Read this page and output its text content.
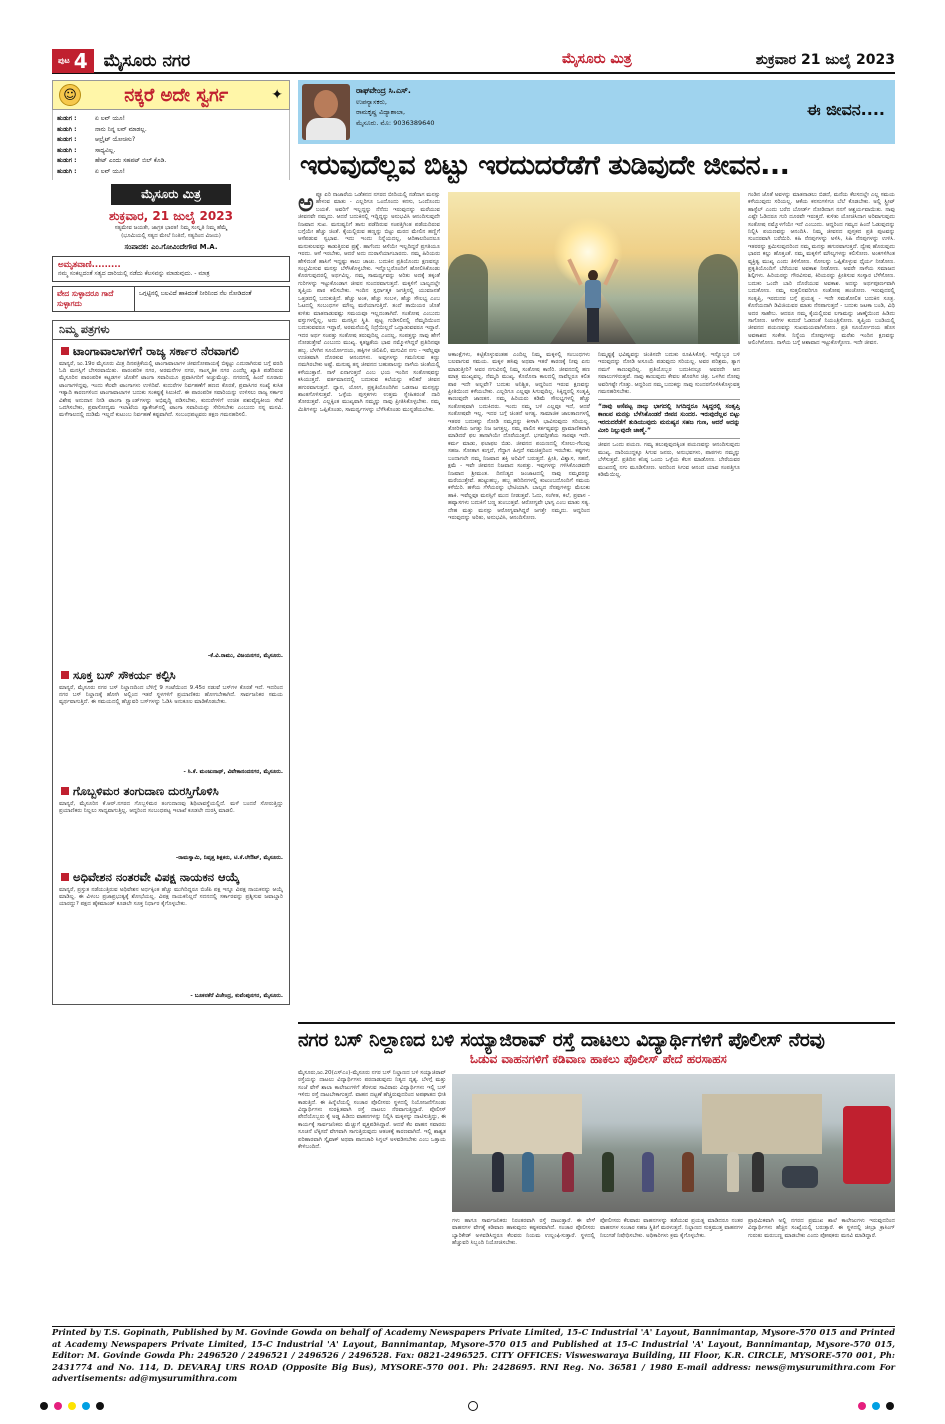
ಪುಟ 4 ಮೈಸೂರು ನಗರ	ಮೈಸೂರು ಮಿತ್ರ	ಶುಕ್ರವಾರ 21 ಜುಲೈ 2023
☺	ನಕ್ಕರೆ ಅದೇ ಸ್ವರ್ಗ	✦
ಹುಡುಗ :	ಏ ಲವ್ ಯೂ!
ಹುಡುಗಿ :	ನಾನು ನಿನ್ನ ಲವ್ ಮಾಡಲ್ಲ.
ಹುಡುಗ :	ಆಲ್ರೈಟ್ ಯೋಚಿಸು?
ಹುಡುಗಿ :	ಸಾಧ್ಯವಿಲ್ಲ.
ಹುಡುಗ :	ಹೇಟ್ ಎಂದು ಸಹಪಟ್ ಬಿಲ್ ಕೊಡಿ.
ಹುಡುಗಿ :	ಏ ಲವ್ ಯೂ!
ಮೈಸೂರು ಮಿತ್ರ
ಶುಕ್ರವಾರ, 21 ಜುಲೈ 2023
ಸತ್ಯಮೇವ ಜಯತೇ, ಜಾಗ್ರತ ಭಾರತ! ನಿಮ್ಮ ಸಂಸ್ಕೃತಿ ನಿಮ್ಮ ಹೆಮ್ಮೆ
(ಭೂಮಿಯಲ್ಲಿ ಸತ್ಯದ ಮೇಲೆ ನಿಂತಿದೆ, ಸತ್ಯದಿಂದ ವಿಜಯ)
ಸಂಪಾದಕ: ಎಂ.ಗೋವಿಂದೇಗೌಡ M.A.
ಅಮೃತವಾಣಿ.........
ನಮ್ಮ ಸಂಕಲ್ಪದಂತೆ ಸತ್ಯದ ದಾರಿಯಲ್ಲಿ ನಡೆದು ಕೆಲಸವನ್ನು ಮಾಡುವುದು. - ಮಾತ್ರ
ವೇದ ಸುಳ್ಳಾದರೂ ಗಾದೆ ಸುಳ್ಳಾಗದು
ಒಗ್ಗಟ್ಟಿನಲ್ಲಿ ಬಲವಿದೆ ಹಾಕಿದಂತೆ ನೀರಿನಿಂದ ನೆಲ ನೋಡಿದಂತೆ
ನಿಮ್ಮ ಪತ್ರಗಳು
ಟಾಂಗಾವಾಲಾಗಳಿಗೆ ರಾಜ್ಯ ಸರ್ಕಾರ ನೆರವಾಗಲಿ
ಮಾನ್ಯರೆ, ಜು.19ರ ಮೈಸೂರು ಮಿತ್ರ ದಿನಪತ್ರಿಕೆಯಲ್ಲಿ ಟಾಂಗಾವಾಲಾಗಳ ಜೀವನೋಪಾಯಕ್ಕೆ ಬಿಕ್ಕಟ್ಟು ಎದುರಾಗಿರುವ ಬಗ್ಗೆ ವರದಿ ಓದಿ ಮನಸ್ಸಿಗೆ ಬೇಸರವಾಯಿತು. ಪಾರಂಪರಿಕ ನಗರ, ಅರಮನೆಗಳ ನಗರ, ಸಾಂಸ್ಕೃತಿಕ ನಗರ ಎಂದೆಲ್ಲ ಖ್ಯಾತಿ ಪಡೆದಿರುವ ಮೈಸೂರಿನ ಪಾರಂಪರಿಕ ಕಟ್ಟಡಗಳ ಜೊತೆಗೆ ಟಾಂಗಾ ಸವಾರಿಯೂ ಪ್ರವಾಸಿಗರಿಗೆ ಅಚ್ಚುಮೆಚ್ಚು. ನಗರದಲ್ಲಿ ಹಿಂದೆ ನೂರಾರು ಟಾಂಗಾಗಳಿದ್ದವು, ಇಂದು ಕೆಲವೇ ಟಾಂಗಾಗಳು ಉಳಿದಿವೆ. ಕುದುರೆಗಳ ನಿರ್ವಹಣೆಗೆ ಹಣದ ಕೊರತೆ, ಪ್ರವಾಸಿಗರ ಸಂಖ್ಯೆ ಕುಸಿತ ಇತ್ಯಾದಿ ಕಾರಣಗಳಿಂದ ಟಾಂಗಾವಾಲಾಗಳ ಬದುಕು ಸಂಕಷ್ಟಕ್ಕೆ ಸಿಲುಕಿದೆ. ಈ ಪಾರಂಪರಿಕ ಸವಾರಿಯನ್ನು ಉಳಿಸಲು ರಾಜ್ಯ ಸರ್ಕಾರ ವಿಶೇಷ ಅನುದಾನ ನೀಡಿ ಟಾಂಗಾ ಸ್ಟ್ಯಾಂಡ್‌ಗಳನ್ನು ಅಭಿವೃದ್ಧಿ ಪಡಿಸಬೇಕು, ಕುದುರೆಗಳಿಗೆ ಉಚಿತ ಪಶುವೈದ್ಯಕೀಯ ಸೇವೆ ಒದಗಿಸಬೇಕು, ಪ್ರವಾಸೋದ್ಯಮ ಇಲಾಖೆಯ ಪ್ಯಾಕೇಜ್‌ನಲ್ಲಿ ಟಾಂಗಾ ಸವಾರಿಯನ್ನು ಸೇರಿಸಬೇಕು ಎಂಬುದು ನನ್ನ ಮನವಿ. ಮಳೆಗಾಲದಲ್ಲಿ ದುಡಿಮೆ ಇಲ್ಲದೆ ಕುಟುಂಬ ನಿರ್ವಹಣೆ ಕಷ್ಟವಾಗಿದೆ. ಸಂಬಂಧಪಟ್ಟವರು ತಕ್ಷಣ ಗಮನಹರಿಸಲಿ.
-ಕೆ.ವಿ.ರಾಮು, ವಿಜಯನಗರ, ಮೈಸೂರು.
ಸೂಕ್ತ ಬಸ್ ಸೌಕರ್ಯ ಕಲ್ಪಿಸಿ
ಮಾನ್ಯರೆ, ಮೈಸೂರು ನಗರ ಬಸ್ ನಿಲ್ದಾಣದಿಂದ ಬೆಳಿಗ್ಗೆ 9 ಗಂಟೆಯಿಂದ 9.45ರ ನಡುವೆ ಬಸ್‌ಗಳ ಕೊರತೆ ಇದೆ. ಇದರಿಂದ ನಗರ ಬಸ್ ನಿಲ್ದಾಣಕ್ಕೆ ಹೋಗಿ ಅಲ್ಲಿಂದ ಇತರೆ ಸ್ಥಳಗಳಿಗೆ ಪ್ರಯಾಣಿಕರು ಹೋಗಬೇಕಾಗಿದೆ. ಸಾರ್ವಜನಿಕರ ಸಮಯ ವ್ಯರ್ಥವಾಗುತ್ತಿದೆ. ಈ ಸಮಯದಲ್ಲಿ ಹೆಚ್ಚುವರಿ ಬಸ್‌ಗಳನ್ನು ಓಡಿಸಿ ಅನುಕೂಲ ಮಾಡಿಕೊಡಬೇಕು.
- ಸಿ.ಕೆ. ಮಂಜುನಾಥ್, ವಿವೇಕಾನಂದನಗರ, ಮೈಸೂರು.
ಗೊಬ್ಬಳಿಮರ ತಂಗುದಾಣ ದುರಸ್ತಿಗೊಳಿಸಿ
ಮಾನ್ಯರೆ, ಮೈಸೂರಿನ ಕೆ.ಆರ್.ನಗರದ ಗೊಬ್ಬಳಿಮರ ತಂಗುದಾಣವು ಶಿಥಿಲಾವಸ್ಥೆಯಲ್ಲಿದೆ. ಮಳೆ ಬಂದರೆ ಸೋರುತ್ತಿದ್ದು ಪ್ರಯಾಣಿಕರು ನಿಲ್ಲಲು ಸಾಧ್ಯವಾಗುತ್ತಿಲ್ಲ. ಆದ್ದರಿಂದ ಸಂಬಂಧಪಟ್ಟ ಇಲಾಖೆ ಕೂಡಲೇ ದುರಸ್ತಿ ಮಾಡಲಿ.
-ರಾಮಸ್ವಾಮಿ, ನಿವೃತ್ತ ಶಿಕ್ಷಕರು, ಟಿ.ಕೆ.ಲೇಔಟ್, ಮೈಸೂರು.
ಅಧಿವೇಶನ ನಂತರವೇ ವಿಪಕ್ಷ ನಾಯಕನ ಆಯ್ಕೆ
ಮಾನ್ಯರೆ, ಪ್ರಸ್ತುತ ನಡೆಯುತ್ತಿರುವ ಅಧಿವೇಶನ ಅರ್ಧಕ್ಕಿಂತ ಹೆಚ್ಚು ಮುಗಿದಿದ್ದರೂ ಬಿಜೆಪಿ ಪಕ್ಷ ಇನ್ನೂ ವಿಪಕ್ಷ ನಾಯಕನನ್ನು ಆಯ್ಕೆ ಮಾಡಿಲ್ಲ. ಈ ವಿಳಂಬ ಪ್ರಜಾಪ್ರಭುತ್ವಕ್ಕೆ ಶೋಭೆಯಲ್ಲ. ವಿಪಕ್ಷ ನಾಯಕನಿಲ್ಲದೆ ಸದನದಲ್ಲಿ ಸರ್ಕಾರವನ್ನು ಪ್ರಶ್ನಿಸುವ ಜವಾಬ್ದಾರಿ ಯಾರದ್ದು? ಪಕ್ಷದ ಹೈಕಮಾಂಡ್ ಕೂಡಲೇ ಸೂಕ್ತ ನಿರ್ಧಾರ ಕೈಗೊಳ್ಳಬೇಕು.
- ಬೂಕನಕೆರೆ ವಿಜೇಂದ್ರ, ಕುವೆಂಪುನಗರ, ಮೈಸೂರು.
ರಾಘವೇಂದ್ರ ಸಿ.ಎಸ್.
ಉಪನ್ಯಾಸಕರು,
ರಾಮಕೃಷ್ಣ ವಿದ್ಯಾಶಾಲಾ,
ಮೈಸೂರು. ಮೊ: 9036389640
ಈ ಜೀವನ....
ಇರುವುದೆಲ್ಲವ ಬಿಟ್ಟು ಇರದುದರೆಡೆಗೆ ತುಡಿವುದೇ ಜೀವನ...
ಅಪ್ಯೂ ಏರಿ ನಾಜಾರೆಯ ಒಡೆತನದ ನಗರದ ಬೀದಿಯಲ್ಲಿ ನಡೆದಾಗ ಮನಸ್ಸು ಹೇಳುವ ಮಾತು - ಎಲ್ಲರಿಗೂ ಒಂದೊಂದು ಕನಸು, ಒಂದೊಂದು ಬಯಕೆ. ಅವರಿಗೆ ಇಲ್ಲದ್ದನ್ನು ನೆನೆದು ಇರುವುದನ್ನು ಮರೆಯುವ ಜೀವನವೇ ನಮ್ಮದು. ಆದರೆ ಬದುಕಿನಲ್ಲಿ ಇದ್ದಿದ್ದನ್ನು ಅನುಭವಿಸಿ ಆನಂದಿಸುವುದೇ ನಿಜವಾದ ಸುಖ. ಮನುಷ್ಯನಿಗೆ ತಾನು ಪಡೆದಿರುವ ಸಂಪತ್ತಿಗಿಂತ ಪಡೆಯದಿರುವ ಬಗ್ಗೆಯೇ ಹೆಚ್ಚು ಚಿಂತೆ. ಕೈಯಲ್ಲಿರುವ ಹಣ್ಣನ್ನು ಬಿಟ್ಟು ಮರದ ಮೇಲಿನ ಹಣ್ಣಿಗೆ ಆಸೆಪಡುವ ಸ್ವಭಾವ. ಇದು ಇಂದು ನಿನ್ನೆಯದಲ್ಲ, ಆದಿಕಾಲದಿಂದಲೂ ಮನುಕುಲವನ್ನು ಕಾಡುತ್ತಿರುವ ಪ್ರಶ್ನೆ. ಹಾಗೆಂದು ಆಸೆಯೇ ಇಲ್ಲದಿದ್ದರೆ ಪ್ರಗತಿಯೂ ಇರದು. ಆಸೆ ಇರಬೇಕು, ಆದರೆ ಅದು ದುರಾಸೆಯಾಗಬಾರದು. ನಮ್ಮ ಹಿರಿಯರು ಹೇಳಿದಂತೆ ಹಾಸಿಗೆ ಇದ್ದಷ್ಟು ಕಾಲು ಚಾಚು. ಬದುಕಿನ ಪ್ರತಿಯೊಂದು ಕ್ಷಣವನ್ನೂ ಸಂಭ್ರಮಿಸುವ ಮನಸ್ಸು ಬೆಳೆಸಿಕೊಳ್ಳಬೇಕು. ಇನ್ನೊಬ್ಬರೊಂದಿಗೆ ಹೋಲಿಸಿಕೊಂಡು ಕೊರಗುವುದರಲ್ಲಿ ಅರ್ಥವಿಲ್ಲ. ನಮ್ಮ ಸಾಮರ್ಥ್ಯವನ್ನು ಅರಿತು ಅದಕ್ಕೆ ತಕ್ಕಂತೆ ಗುರಿಗಳನ್ನು ಇಟ್ಟುಕೊಂಡಾಗ ಜೀವನ ಸುಂದರವಾಗುತ್ತದೆ. ಮಕ್ಕಳಿಗೆ ಬಾಲ್ಯದಲ್ಲೇ ತೃಪ್ತಿಯ ಪಾಠ ಕಲಿಸಬೇಕು. ಇಂದಿನ ಸ್ಪರ್ಧಾತ್ಮಕ ಜಗತ್ತಿನಲ್ಲಿ ಯುವಜನತೆ ಒತ್ತಡದಲ್ಲಿ ಬದುಕುತ್ತಿದೆ. ಹೆಚ್ಚು ಅಂಕ, ಹೆಚ್ಚು ಸಂಬಳ, ಹೆಚ್ಚು ಸೌಲಭ್ಯ ಎಂಬ ಓಟದಲ್ಲಿ ಸಂಬಂಧಗಳ ಮೌಲ್ಯ ಮರೆಯಾಗುತ್ತಿದೆ. ತಂದೆ ತಾಯಿಯರ ಜೊತೆ ಕುಳಿತು ಮಾತನಾಡುವಷ್ಟು ಸಮಯವೂ ಇಲ್ಲದಂತಾಗಿದೆ. ಸಂತೋಷ ಎಂಬುದು ವಸ್ತುಗಳಲ್ಲಿಲ್ಲ, ಅದು ಮನಸ್ಸಿನ ಸ್ಥಿತಿ. ಪುಟ್ಟ ಗುಡಿಸಲಿನಲ್ಲಿ ನೆಮ್ಮದಿಯಿಂದ ಬದುಕುವವರೂ ಇದ್ದಾರೆ, ಅರಮನೆಯಲ್ಲಿ ನಿದ್ರೆಯಿಲ್ಲದೆ ಒದ್ದಾಡುವವರೂ ಇದ್ದಾರೆ. ಇದರ ಅರ್ಥ ಸಂಪತ್ತು ಸಂತೋಷ ತರುವುದಿಲ್ಲ ಎಂದಲ್ಲ, ಸಂಪತ್ತನ್ನು ನಾವು ಹೇಗೆ ನೋಡುತ್ತೇವೆ ಎಂಬುದು ಮುಖ್ಯ. ಕೃತಜ್ಞತೆಯ ಭಾವ ನಮ್ಮೊಳಗಿದ್ದರೆ ಪ್ರತಿದಿನವೂ ಹಬ್ಬ. ಬೆಳಗಿನ ಸೂರ್ಯೋದಯ, ಹಕ್ಕಿಗಳ ಚಿಲಿಪಿಲಿ, ಮಗುವಿನ ನಗು - ಇವೆಲ್ಲವೂ ಉಚಿತವಾಗಿ ದೊರಕುವ ಆನಂದಗಳು. ಅವುಗಳನ್ನು ಗಮನಿಸುವ ಕಣ್ಣು ನಮಗಿರಬೇಕು ಅಷ್ಟೆ. ಮನುಷ್ಯ ತನ್ನ ಜೀವನದ ಬಹುಪಾಲನ್ನು ನಾಳೆಯ ಚಿಂತೆಯಲ್ಲಿ ಕಳೆಯುತ್ತಾನೆ. ನಾಳೆ ಏನಾಗುತ್ತದೆ ಎಂಬ ಭಯ ಇಂದಿನ ಸಂತೋಷವನ್ನು ಕಸಿಯುತ್ತದೆ. ವರ್ತಮಾನದಲ್ಲಿ ಬದುಕುವ ಕಲೆಯನ್ನು ಕಲಿತರೆ ಜೀವನ ಹಗುರವಾಗುತ್ತದೆ. ಧ್ಯಾನ, ಯೋಗ, ಪ್ರಕೃತಿಯೊಂದಿಗಿನ ಒಡನಾಟ ಮನಸ್ಸನ್ನು ಶಾಂತಗೊಳಿಸುತ್ತವೆ. ಒಳ್ಳೆಯ ಪುಸ್ತಕಗಳು ಉತ್ತಮ ಸ್ನೇಹಿತರಂತೆ ದಾರಿ ತೋರುತ್ತವೆ. ಎಲ್ಲಕ್ಕಿಂತ ಮುಖ್ಯವಾಗಿ ನಮ್ಮನ್ನು ನಾವು ಪ್ರೀತಿಸಿಕೊಳ್ಳಬೇಕು. ನಮ್ಮ ಮಿತಿಗಳನ್ನು ಒಪ್ಪಿಕೊಂಡು, ಸಾಮರ್ಥ್ಯಗಳನ್ನು ಬೆಳೆಸಿಕೊಂಡು ಮುನ್ನಡೆಯಬೇಕು.
ಆಕಾಂಕ್ಷೆಗಳು, ಕಟ್ಟಿಕೊಳ್ಳುವಂತಹ ಎಂದಿಲ್ಲ ನಿಮ್ಮ ಮಕ್ಕಳಲ್ಲಿ ಸಂಬಂಧಗಳು ಬಲವಾಗುವ ಸಮಯ. ಮಕ್ಕಳ ಹಸಿವು ಅಥವಾ ಇತರೆ ಕಾರಣಕ್ಕೆ ನೀವು ಏನು ಮಾಡುತ್ತೀರಿ? ಅವರ ನಗುವಿನಲ್ಲಿ ನಿಮ್ಮ ಸಂತೋಷ ಕಾಣಿರಿ. ಜೀವನದಲ್ಲಿ ಹಣ ಮಾತ್ರ ಮುಖ್ಯವಲ್ಲ, ನೆಮ್ಮದಿ ಮುಖ್ಯ. ಕೊರೊನಾ ಕಾಲದಲ್ಲಿ ನಾವೆಲ್ಲರೂ ಕಲಿತ ಪಾಠ ಇದೇ ಅಲ್ಲವೇ? ಬದುಕು ಅನಿಶ್ಚಿತ, ಆದ್ದರಿಂದ ಇರುವ ಕ್ಷಣವನ್ನು ಪ್ರೀತಿಯಿಂದ ಕಳೆಯಬೇಕು. ಎಲ್ಲರಿಗೂ ಎಲ್ಲವೂ ಸಿಗುವುದಿಲ್ಲ. ಸಿಕ್ಕಿದ್ದರಲ್ಲಿ ಸಂತೃಪ್ತಿ ಕಾಣುವುದೇ ಜಾಣತನ. ನಮ್ಮ ಹಿರಿಯರು ಕಡಿಮೆ ಸೌಲಭ್ಯಗಳಲ್ಲಿ ಹೆಚ್ಚು ಸಂತೋಷವಾಗಿ ಬದುಕಿದರು. ಇಂದು ನಮ್ಮ ಬಳಿ ಎಲ್ಲವೂ ಇದೆ, ಆದರೆ ಸಂತೋಷವೇ ಇಲ್ಲ. ಇದರ ಬಗ್ಗೆ ಚಿಂತನೆ ಅಗತ್ಯ. ಸಾಮಾಜಿಕ ಜಾಲತಾಣಗಳಲ್ಲಿ ಇತರರ ಬದುಕನ್ನು ನೋಡಿ ನಮ್ಮದನ್ನು ಕೀಳಾಗಿ ಭಾವಿಸುವುದು ಸರಿಯಲ್ಲ. ತೋರಿಕೆಯ ಜಗತ್ತು ನಿಜ ಜಗತ್ತಲ್ಲ. ನಮ್ಮ ಪಾಲಿನ ಕರ್ತವ್ಯವನ್ನು ಪ್ರಾಮಾಣಿಕವಾಗಿ ಮಾಡಿದರೆ ಫಲ ತಾನಾಗಿಯೇ ದೊರೆಯುತ್ತದೆ. ಭಗವದ್ಗೀತೆಯ ಸಾರವೂ ಇದೇ. ಕರ್ಮ ಮಾಡು, ಫಲಾಫಲ ಬಿಡು. ಜೀವನದ ಪಯಣದಲ್ಲಿ ಸೋಲು-ಗೆಲುವು ಸಹಜ. ಸೋತಾಗ ಕುಗ್ಗದೆ, ಗೆದ್ದಾಗ ಹಿಗ್ಗದೆ ಸಮಚಿತ್ತದಿಂದ ಇರಬೇಕು. ಕಷ್ಟಗಳು ಬಂದಾಗಲೇ ನಮ್ಮ ನಿಜವಾದ ಶಕ್ತಿ ಅರಿವಿಗೆ ಬರುತ್ತದೆ. ಪ್ರೀತಿ, ವಿಶ್ವಾಸ, ಸಹನೆ, ಕ್ಷಮೆ - ಇವೇ ಜೀವನದ ನಿಜವಾದ ಸಂಪತ್ತು. ಇವುಗಳನ್ನು ಗಳಿಸಿಕೊಂಡವನೇ ನಿಜವಾದ ಶ್ರೀಮಂತ. ದಿನನಿತ್ಯದ ಜಂಜಾಟದಲ್ಲಿ ನಾವು ನಮ್ಮವರನ್ನು ಮರೆಯುತ್ತೇವೆ. ಹುಟ್ಟುಹಬ್ಬ, ಹಬ್ಬ ಹರಿದಿನಗಳಲ್ಲಿ ಕುಟುಂಬದೊಂದಿಗೆ ಸಮಯ ಕಳೆಯಿರಿ. ಹಳೆಯ ಗೆಳೆಯರನ್ನು ಭೇಟಿಯಾಗಿ. ಬಾಲ್ಯದ ನೆನಪುಗಳನ್ನು ಮೆಲುಕು ಹಾಕಿ. ಇವೆಲ್ಲವೂ ಮನಸ್ಸಿಗೆ ಮುದ ನೀಡುತ್ತವೆ. ಓದು, ಸಂಗೀತ, ಕಲೆ, ಪ್ರವಾಸ - ಹವ್ಯಾಸಗಳು ಬದುಕಿಗೆ ಬಣ್ಣ ತುಂಬುತ್ತವೆ. ಆರೋಗ್ಯವೇ ಭಾಗ್ಯ ಎಂಬ ಮಾತು ಸತ್ಯ. ದೇಹ ಮತ್ತು ಮನಸ್ಸು ಆರೋಗ್ಯವಾಗಿದ್ದರೆ ಜಗತ್ತೇ ನಮ್ಮದು. ಆದ್ದರಿಂದ ಇರುವುದನ್ನು ಅರಿತು, ಅನುಭವಿಸಿ, ಆನಂದಿಸೋಣ.
ನಿಮ್ಮಷ್ಟಕ್ಕೆ ಭವಿಷ್ಯವನ್ನು ಚಿಂತಿಸದೇ ಬದುಕು ರೂಪಿಸಿಕೊಳ್ಳಿ. ಇನ್ನೊಬ್ಬರ ಬಳಿ ಇರುವುದನ್ನು ನೋಡಿ ಅಸೂಯೆ ಪಡುವುದು ಸರಿಯಲ್ಲ. ಅವರ ಪರಿಶ್ರಮ, ತ್ಯಾಗ ನಮಗೆ ಕಾಣುವುದಿಲ್ಲ. ಪ್ರತಿಯೊಬ್ಬರ ಬದುಕಿನಲ್ಲೂ ಅವರದೇ ಆದ ಸವಾಲುಗಳಿರುತ್ತವೆ. ನಾವು ಕಾಣುವುದು ಕೇವಲ ಹೊರಗಿನ ಚಿತ್ರ. ಒಳಗಿನ ನೋವು ಅವರಿಗಷ್ಟೇ ಗೊತ್ತು. ಆದ್ದರಿಂದ ನಮ್ಮ ಬದುಕನ್ನು ನಾವು ಸುಂದರಗೊಳಿಸಿಕೊಳ್ಳುವತ್ತ ಗಮನಹರಿಸಬೇಕು.
“ನಾವು ಆಸೆಪಟ್ಟ ನಾಲ್ಕು ಭಾಗದಲ್ಲಿ ಸಿಗದಿದ್ದರೂ ಸಿಕ್ಕಿದ್ದರಲ್ಲಿ ಸಂತೃಪ್ತಿ ಕಾಣುವ ಮನಸ್ಸು ಬೆಳೆಸಿಕೊಂಡರೆ ಜೀವನ ಸುಂದರ. ಇರುವುದೆಲ್ಲವ ಬಿಟ್ಟು ಇರದುದರೆಡೆಗೆ ತುಡಿಯುವುದು ಮನುಷ್ಯನ ಸಹಜ ಗುಣ, ಆದರೆ ಅದನ್ನು ಮೀರಿ ನಿಲ್ಲುವುದೇ ಜಾಣ್ಮೆ.”
ಜೀವನ ಒಂದು ಪಯಣ. ಗಮ್ಯ ತಲುಪುವುದಕ್ಕಿಂತ ಪಯಣವನ್ನು ಆನಂದಿಸುವುದು ಮುಖ್ಯ. ದಾರಿಯುದ್ದಕ್ಕೂ ಸಿಗುವ ಜನರು, ಅನುಭವಗಳು, ಪಾಠಗಳು ನಮ್ಮನ್ನು ಬೆಳೆಸುತ್ತವೆ. ಪ್ರತಿದಿನ ಕನಿಷ್ಠ ಒಂದು ಒಳ್ಳೆಯ ಕೆಲಸ ಮಾಡೋಣ. ಬೇರೆಯವರ ಮುಖದಲ್ಲಿ ನಗು ಮೂಡಿಸೋಣ. ಅದರಿಂದ ಸಿಗುವ ಆನಂದ ಯಾವ ಸಂಪತ್ತಿಗೂ ಕಡಿಮೆಯಿಲ್ಲ.
ಗಂಡಿನ ಜೊತೆ ಅವಳನ್ನು ಮಾತನಾಡಲು ಬಿಡದೆ, ಮನೆಯ ಕೆಲಸದಲ್ಲೇ ಎಲ್ಲ ಸಮಯ ಕಳೆಯುವುದು ಸರಿಯಲ್ಲ. ಆಕೆಯ ಕನಸುಗಳಿಗೂ ಬೆಲೆ ಕೊಡಬೇಕು. ಅಲ್ಲಿ ಸ್ಟ್ರೀಟ್ ಹಾಸ್ಟೆಲ್ ಎಂದು ಬರೆದ ಬೋರ್ಡ್ ನೋಡಿದಾಗ ನನಗೆ ಆಶ್ಚರ್ಯವಾಯಿತು. ನಾವು ಎಷ್ಟೇ ಓಡಿದರೂ ಗುರಿ ದೂರವೇ ಇರುತ್ತದೆ. ಕುಳಿತು ಯೋಚಿಸಿದಾಗ ಅರಿವಾಗುವುದು ಸಂತೋಷ ನಮ್ಮೊಳಗೆಯೇ ಇದೆ ಎಂಬುದು. ಆದ್ದರಿಂದ ಗಮ್ಯದ ಹಿಂದೆ ಓಡುವುದನ್ನು ನಿಲ್ಲಿಸಿ ಪಯಣವನ್ನು ಆನಂದಿಸಿ. ನಿಮ್ಮ ಜೀವನದ ಪುಸ್ತಕದ ಪ್ರತಿ ಪುಟವನ್ನು ಸುಂದರವಾಗಿ ಬರೆಯಿರಿ. ಕಹಿ ನೆನಪುಗಳನ್ನು ಅಳಿಸಿ, ಸಿಹಿ ನೆನಪುಗಳನ್ನು ಉಳಿಸಿ. ಇತರರನ್ನು ಕ್ಷಮಿಸುವುದರಿಂದ ನಮ್ಮ ಮನಸ್ಸು ಹಗುರವಾಗುತ್ತದೆ. ದ್ವೇಷ ಹೊರುವುದು ಭಾರದ ಕಲ್ಲು ಹೊತ್ತಂತೆ. ನಮ್ಮ ಮಕ್ಕಳಿಗೆ ಮೌಲ್ಯಗಳನ್ನು ಕಲಿಸೋಣ. ಅಂಕಗಳಿಗಿಂತ ವ್ಯಕ್ತಿತ್ವ ಮುಖ್ಯ ಎಂದು ತಿಳಿಸೋಣ. ಸೋಲನ್ನು ಒಪ್ಪಿಕೊಳ್ಳುವ ಧೈರ್ಯ ನೀಡೋಣ. ಪ್ರಕೃತಿಯೊಂದಿಗೆ ಬೆರೆಯುವ ಅವಕಾಶ ನೀಡೋಣ. ಅವರೇ ನಾಳೆಯ ಸಮಾಜದ ಶಿಲ್ಪಿಗಳು. ಹಿರಿಯರನ್ನು ಗೌರವಿಸುವ, ಕಿರಿಯರನ್ನು ಪ್ರೀತಿಸುವ ಸಂಸ್ಕಾರ ಬೆಳೆಸೋಣ. ಬದುಕು ಒಂದೇ ಬಾರಿ ದೊರೆಯುವ ಅವಕಾಶ. ಅದನ್ನು ಅರ್ಥಪೂರ್ಣವಾಗಿ ಬದುಕೋಣ. ನಮ್ಮ ಸುತ್ತಲಿನವರಿಗೂ ಸಂತೋಷ ಹಂಚೋಣ. ಇರುವುದರಲ್ಲಿ ಸಂತೃಪ್ತಿ, ಇರದುದರ ಬಗ್ಗೆ ಪ್ರಯತ್ನ - ಇದೇ ಸಮತೋಲಿತ ಬದುಕಿನ ಸೂತ್ರ. ಕೊನೆಯದಾಗಿ ಡಿವಿಜಿಯವರ ಮಾತು ನೆನಪಾಗುತ್ತದೆ - ಬದುಕು ಜಟಕಾ ಬಂಡಿ, ವಿಧಿ ಅದರ ಸಾಹೇಬ. ಆದರೂ ನಮ್ಮ ಕೈಯಲ್ಲಿರುವ ಲಗಾಮನ್ನು ಜಾಣ್ಮೆಯಿಂದ ಹಿಡಿದು ಸಾಗೋಣ. ಆಸೆಗಳ ಕುದುರೆ ಓಡದಂತೆ ನಿಯಂತ್ರಿಸೋಣ. ತೃಪ್ತಿಯ ಬಂಡಿಯಲ್ಲಿ ಜೀವನದ ಪಯಣವನ್ನು ಸುಖಮಯವಾಗಿಸೋಣ. ಪ್ರತಿ ಸೂರ್ಯೋದಯ ಹೊಸ ಅವಕಾಶದ ಸಂಕೇತ. ನಿನ್ನೆಯ ನೋವುಗಳನ್ನು ಮರೆತು ಇಂದಿನ ಕ್ಷಣವನ್ನು ಆಲಿಂಗಿಸೋಣ. ನಾಳೆಯ ಬಗ್ಗೆ ಆಶಾವಾದ ಇಟ್ಟುಕೊಳ್ಳೋಣ. ಇದೇ ಜೀವನ.
ನಗರ ಬಸ್ ನಿಲ್ದಾಣದ ಬಳಿ ಸಯ್ಯಾಜಿರಾವ್ ರಸ್ತೆ ದಾಟಲು ವಿದ್ಯಾರ್ಥಿಗಳಿಗೆ ಪೊಲೀಸ್ ನೆರವು
ಓಡುವ ವಾಹನಗಳಿಗೆ ಕಡಿವಾಣ ಹಾಕಲು ಪೊಲೀಸ್ ಪೇದೆ ಹರಸಾಹಸ
ಮೈಸೂರು,ಜು.20(ಎಸ್‌ಎಂ)-ಮೈಸೂರು ನಗರ ಬಸ್ ನಿಲ್ದಾಣದ ಬಳಿ ಸಯ್ಯಾಜಿರಾವ್ ರಸ್ತೆಯನ್ನು ದಾಟಲು ವಿದ್ಯಾರ್ಥಿಗಳು ಪರದಾಡುವುದು ನಿತ್ಯದ ದೃಶ್ಯ. ಬೆಳಗ್ಗೆ ಮತ್ತು ಸಂಜೆ ವೇಳೆ ಶಾಲಾ ಕಾಲೇಜುಗಳಿಗೆ ತೆರಳುವ ಸಾವಿರಾರು ವಿದ್ಯಾರ್ಥಿಗಳು ಇಲ್ಲಿ ಬಸ್ ಇಳಿದು ರಸ್ತೆ ದಾಟಬೇಕಾಗುತ್ತದೆ. ವಾಹನ ದಟ್ಟಣೆ ಹೆಚ್ಚಿರುವುದರಿಂದ ಅಪಘಾತದ ಭೀತಿ ಕಾಡುತ್ತಿದೆ. ಈ ಹಿನ್ನೆಲೆಯಲ್ಲಿ ಸಂಚಾರ ಪೊಲೀಸರು ಸ್ಥಳದಲ್ಲಿ ನಿಯೋಜನೆಗೊಂಡು ವಿದ್ಯಾರ್ಥಿಗಳು ಸುರಕ್ಷಿತವಾಗಿ ರಸ್ತೆ ದಾಟಲು ನೆರವಾಗುತ್ತಿದ್ದಾರೆ. ಪೊಲೀಸ್ ಪೇದೆಯೊಬ್ಬರು ಕೈ ಅಡ್ಡ ಹಿಡಿದು ವಾಹನಗಳನ್ನು ನಿಲ್ಲಿಸಿ ಮಕ್ಕಳನ್ನು ದಾಟಿಸುತ್ತಿದ್ದು, ಈ ಕಾರ್ಯಕ್ಕೆ ಸಾರ್ವಜನಿಕರು ಮೆಚ್ಚುಗೆ ವ್ಯಕ್ತಪಡಿಸಿದ್ದಾರೆ. ಆದರೆ ಕೆಲ ವಾಹನ ಸವಾರರು ಸೂಚನೆ ಲೆಕ್ಕಿಸದೆ ವೇಗವಾಗಿ ಸಾಗುತ್ತಿರುವುದು ಆತಂಕಕ್ಕೆ ಕಾರಣವಾಗಿದೆ. ಇಲ್ಲಿ ಶಾಶ್ವತ ಪರಿಹಾರವಾಗಿ ಸ್ಕೈವಾಕ್ ಅಥವಾ ಪಾದಚಾರಿ ಸಿಗ್ನಲ್ ಅಳವಡಿಸಬೇಕು ಎಂಬ ಒತ್ತಾಯ ಕೇಳಿಬಂದಿದೆ.
ಗಳು ಹಾಗೂ ಸಾರ್ವಜನಿಕರು ನಿರಂತರವಾಗಿ ರಸ್ತೆ ದಾಟುತ್ತಾರೆ. ಈ ವೇಳೆ ವಾಹನಗಳ ವೇಗಕ್ಕೆ ಕಡಿವಾಣ ಹಾಕುವುದು ಕಷ್ಟಕರವಾಗಿದೆ. ಸಂಚಾರ ಪೊಲೀಸರು ಬ್ಯಾರಿಕೇಡ್ ಅಳವಡಿಸಿದ್ದರೂ ಕೆಲವರು ನಿಯಮ ಉಲ್ಲಂಘಿಸುತ್ತಾರೆ. ಸ್ಥಳದಲ್ಲಿ ಹೆಚ್ಚುವರಿ ಸಿಬ್ಬಂದಿ ನಿಯೋಜಿಸಬೇಕು.
ಪೋಲೀಸರು ಕೆಲವಾರು ವಾಹನಗಳನ್ನು ತಡೆಯುವ ಪ್ರಯತ್ನ ಮಾಡಿದರೂ ನಂತರ ವಾಹನಗಳ ಸಂಚಾರ ಸಹಜ ಸ್ಥಿತಿಗೆ ಮರಳುತ್ತದೆ. ನಿಲ್ದಾಣದ ಸುತ್ತಮುತ್ತ ವಾಹನಗಳ ನಿಲುಗಡೆ ನಿಷೇಧಿಸಬೇಕು. ಅಧಿಕಾರಿಗಳು ಕ್ರಮ ಕೈಗೊಳ್ಳಬೇಕು.
ಪ್ರಾಥಮಿಕವಾಗಿ ಅಲ್ಲಿ ನಗರದ ಪ್ರಮುಖ ಶಾಲೆ ಕಾಲೇಜುಗಳು ಇರುವುದರಿಂದ ವಿದ್ಯಾರ್ಥಿಗಳು ಹೆಚ್ಚಿನ ಸಂಖ್ಯೆಯಲ್ಲಿ ಬರುತ್ತಾರೆ. ಈ ಸ್ಥಳದಲ್ಲಿ ಜೀಬ್ರಾ ಕ್ರಾಸಿಂಗ್ ಗುರುತು ಮರುಬಣ್ಣ ಮಾಡಬೇಕು ಎಂದು ಪೋಷಕರು ಮನವಿ ಮಾಡಿದ್ದಾರೆ.
Printed by T.S. Gopinath, Published by M. Govinde Gowda on behalf of Academy Newspapers Private Limited, 15-C Industrial 'A' Layout, Bannimantap, Mysore-570 015 and Printed at Academy Newspapers Private Limited, 15-C Industrial 'A' Layout, Bannimantap, Mysore-570 015 and Published at 15-C Industrial 'A' Layout, Bannimantap, Mysore-570 015, Editor: M. Govinde Gowda Ph: 2496520 / 2496521 / 2496526 / 2496528. Fax: 0821-2496525. CITY OFFICES: Visweswaraya Building, III Floor, K.R. CIRCLE, MYSORE-570 001, Ph: 2431774 and No. 114, D. DEVARAJ URS ROAD (Opposite Big Bus), MYSORE-570 001. Ph: 2428695. RNI Reg. No. 36581 / 1980 E-mail address: news@mysurumithra.com For advertisements: ad@mysurumithra.com
